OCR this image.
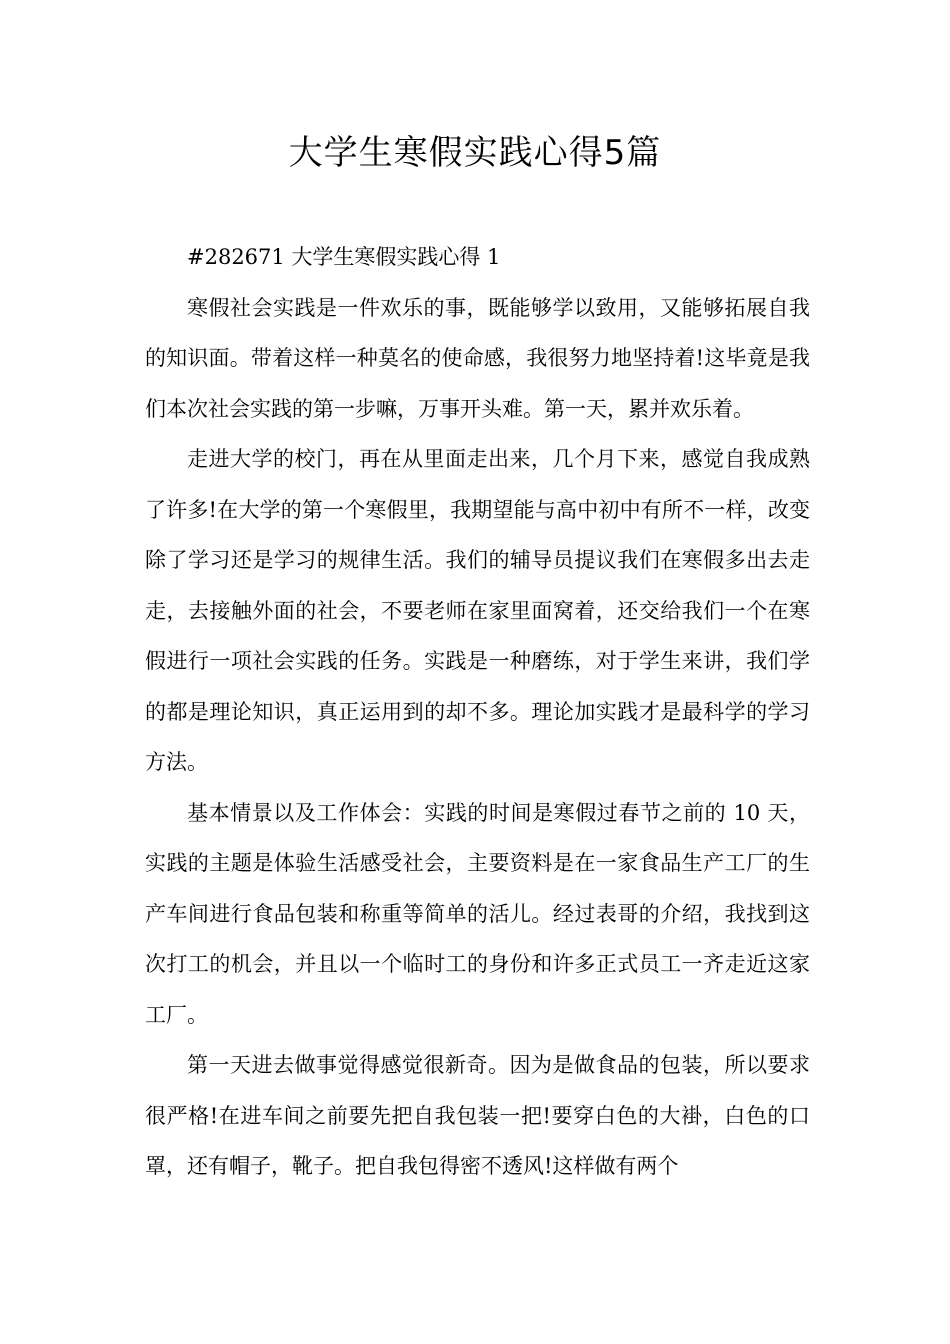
大学生寒假实践心得5篇

#282671 大学生寒假实践心得 1

寒假社会实践是一件欢乐的事，既能够学以致用，又能够拓展自我的知识面。带着这样一种莫名的使命感，我很努力地坚持着!这毕竟是我们本次社会实践的第一步嘛，万事开头难。第一天，累并欢乐着。

走进大学的校门，再在从里面走出来，几个月下来，感觉自我成熟了许多!在大学的第一个寒假里，我期望能与高中初中有所不一样，改变除了学习还是学习的规律生活。我们的辅导员提议我们在寒假多出去走走，去接触外面的社会，不要老师在家里面窝着，还交给我们一个在寒假进行一项社会实践的任务。实践是一种磨练，对于学生来讲，我们学的都是理论知识，真正运用到的却不多。理论加实践才是最科学的学习方法。

基本情景以及工作体会：实践的时间是寒假过春节之前的 10 天，实践的主题是体验生活感受社会，主要资料是在一家食品生产工厂的生产车间进行食品包装和称重等简单的活儿。经过表哥的介绍，我找到这次打工的机会，并且以一个临时工的身份和许多正式员工一齐走近这家工厂。

第一天进去做事觉得感觉很新奇。因为是做食品的包装，所以要求很严格!在进车间之前要先把自我包装一把!要穿白色的大褂，白色的口罩，还有帽子，靴子。把自我包得密不透风!这样做有两个
